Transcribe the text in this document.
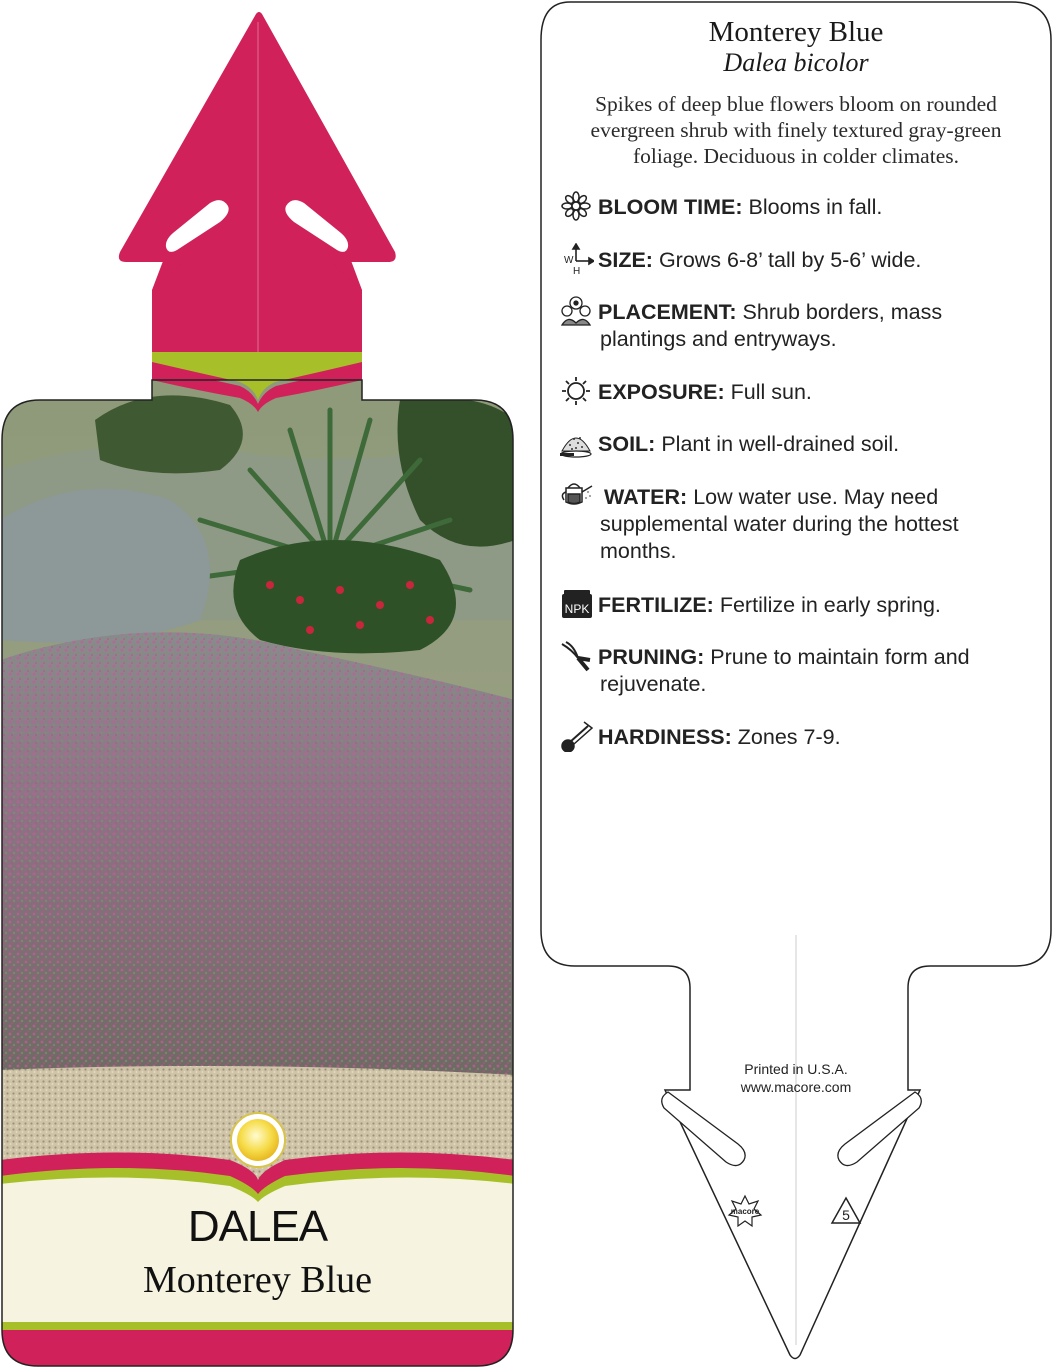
DALEA
Monterey Blue
macore	5
Monterey Blue
Dalea bicolor
Spikes of deep blue flowers bloom on rounded evergreen shrub with finely textured gray-green foliage. Deciduous in colder climates.
BLOOM TIME: Blooms in fall.
W
H SIZE: Grows 6-8’ tall by 5-6’ wide.
PLACEMENT: Shrub borders, mass
plantings and entryways.
EXPOSURE: Full sun.
SOIL: Plant in well-drained soil.
WATER: Low water use. May need
supplemental water during the hottest months.
NPK FERTILIZE: Fertilize in early spring.
PRUNING: Prune to maintain form and
rejuvenate.
HARDINESS: Zones 7-9.
Printed in U.S.A.
www.macore.com
